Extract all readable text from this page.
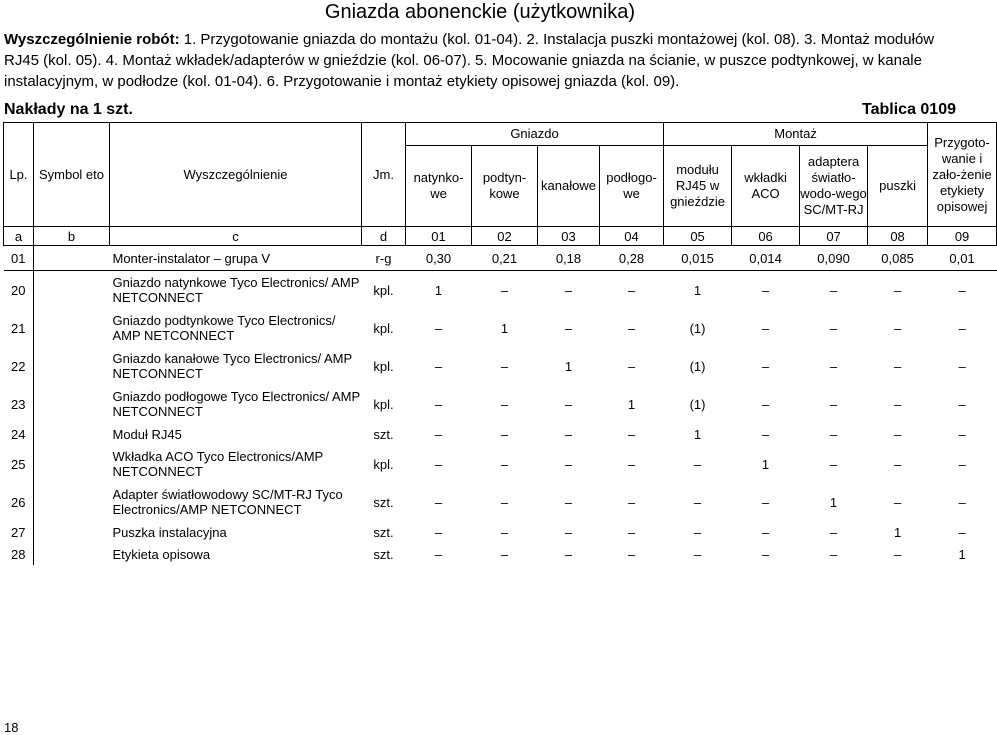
Gniazda abonenckie (użytkownika)

Wyszczególnienie robót: 1. Przygotowanie gniazda do montażu (kol. 01-04). 2. Instalacja puszki montażowej (kol. 08). 3. Montaż modułów RJ45 (kol. 05). 4. Montaż wkładek/adapterów w gnieździe (kol. 06-07). 5. Mocowanie gniazda na ścianie, w puszce podtynkowej, w kanale instalacyjnym, w podłodze (kol. 01-04). 6. Przygotowanie i montaż etykiety opisowej gniazda (kol. 09).

Nakłady na 1 szt.	Tablica 0109
Lp.	Symbol eto	Wyszczególnienie	Jm.	Gniazdo				Montaż				Przygoto-wanie i zało-żenie etykiety opisowej
				natynko-we	podtyn-kowe	kanałowe	podłogo-we	modułu RJ45 w gnieździe	wkładki ACO	adaptera światło-wodo-wego SC/MT-RJ	puszki	
a	b	c	d	01	02	03	04	05	06	07	08	09
01		Monter-instalator – grupa V	r-g	0,30	0,21	0,18	0,28	0,015	0,014	0,090	0,085	0,01
20		Gniazdo natynkowe Tyco Electronics/ AMP NETCONNECT	kpl.	1	–	–	–	1	–	–	–	–
21		Gniazdo podtynkowe Tyco Electronics/ AMP NETCONNECT	kpl.	–	1	–	–	(1)	–	–	–	–
22		Gniazdo kanałowe Tyco Electronics/ AMP NETCONNECT	kpl.	–	–	1	–	(1)	–	–	–	–
23		Gniazdo podłogowe Tyco Electronics/ AMP NETCONNECT	kpl.	–	–	–	1	(1)	–	–	–	–
24		Moduł RJ45	szt.	–	–	–	–	1	–	–	–	–
25		Wkładka ACO Tyco Electronics/AMP NETCONNECT	kpl.	–	–	–	–	–	1	–	–	–
26		Adapter światłowodowy SC/MT-RJ Tyco Electronics/AMP NETCONNECT	szt.	–	–	–	–	–	–	1	–	–
27		Puszka instalacyjna	szt.	–	–	–	–	–	–	–	1	–
28		Etykieta opisowa	szt.	–	–	–	–	–	–	–	–	1
18
